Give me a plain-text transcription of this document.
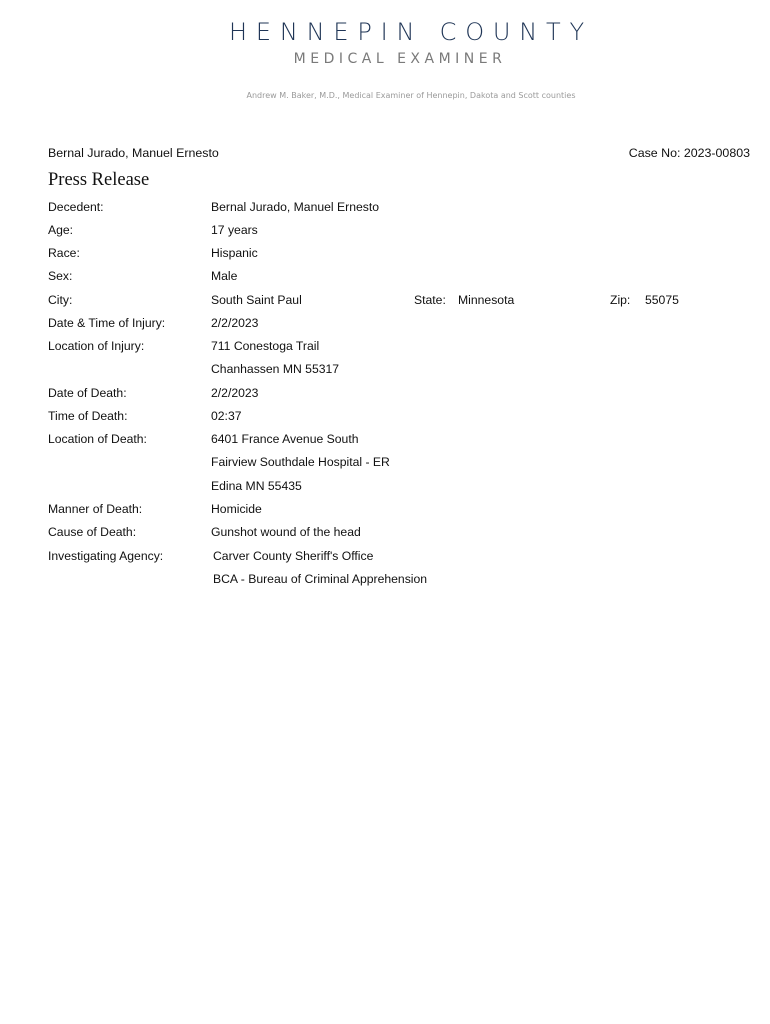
HENNEPIN COUNTY
MEDICAL EXAMINER
Andrew M. Baker, M.D., Medical Examiner of Hennepin, Dakota and Scott counties
Bernal Jurado, Manuel Ernesto	Case No: 2023-00803
Press Release
Decedent:	Bernal Jurado, Manuel Ernesto
Age:	17 years
Race:	Hispanic
Sex:	Male
City:	South Saint Paul	State: Minnesota	Zip: 55075
Date & Time of Injury:	2/2/2023
Location of Injury:	711 Conestoga Trail
Chanhassen MN 55317
Date of Death:	2/2/2023
Time of Death:	02:37
Location of Death:	6401 France Avenue South
Fairview Southdale Hospital - ER
Edina MN 55435
Manner of Death:	Homicide
Cause of Death:	Gunshot wound of the head
Investigating Agency:	Carver County Sheriff's Office
BCA - Bureau of Criminal Apprehension
